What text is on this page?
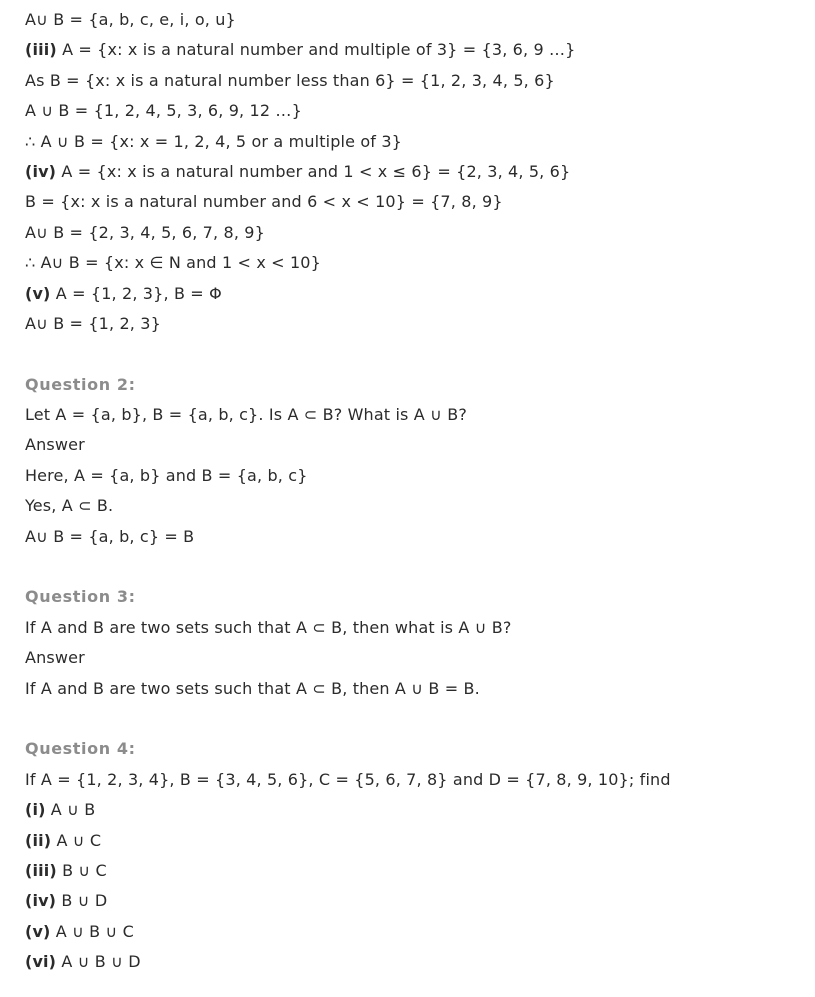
A∪ B = {a, b, c, e, i, o, u}
(iii) A = {x: x is a natural number and multiple of 3} = {3, 6, 9 …}
As B = {x: x is a natural number less than 6} = {1, 2, 3, 4, 5, 6}
A ∪ B = {1, 2, 4, 5, 3, 6, 9, 12 …}
∴ A ∪ B = {x: x = 1, 2, 4, 5 or a multiple of 3}
(iv) A = {x: x is a natural number and 1 < x ≤ 6} = {2, 3, 4, 5, 6}
B = {x: x is a natural number and 6 < x < 10} = {7, 8, 9}
A∪ B = {2, 3, 4, 5, 6, 7, 8, 9}
∴ A∪ B = {x: x ∈ N and 1 < x < 10}
(v) A = {1, 2, 3}, B = Φ
A∪ B = {1, 2, 3}
Question 2:
Let A = {a, b}, B = {a, b, c}. Is A ⊂ B? What is A ∪ B?
Answer
Here, A = {a, b} and B = {a, b, c}
Yes, A ⊂ B.
A∪ B = {a, b, c} = B
Question 3:
If A and B are two sets such that A ⊂ B, then what is A ∪ B?
Answer
If A and B are two sets such that A ⊂ B, then A ∪ B = B.
Question 4:
If A = {1, 2, 3, 4}, B = {3, 4, 5, 6}, C = {5, 6, 7, 8} and D = {7, 8, 9, 10}; find
(i) A ∪ B
(ii) A ∪ C
(iii) B ∪ C
(iv) B ∪ D
(v) A ∪ B ∪ C
(vi) A ∪ B ∪ D
